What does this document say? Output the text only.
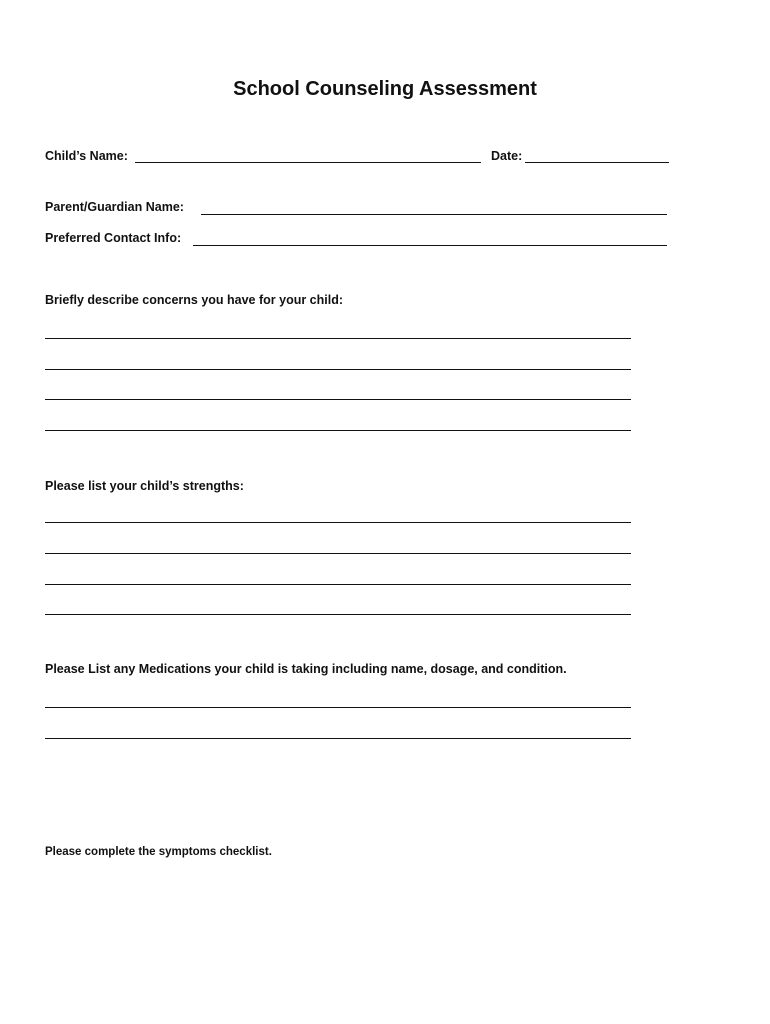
School Counseling Assessment
Child’s Name:	Date:
Parent/Guardian Name:
Preferred Contact Info:
Briefly describe concerns you have for your child:
Please list your child’s strengths:
Please List any Medications your child is taking including name, dosage, and condition.
Please complete the symptoms checklist.
